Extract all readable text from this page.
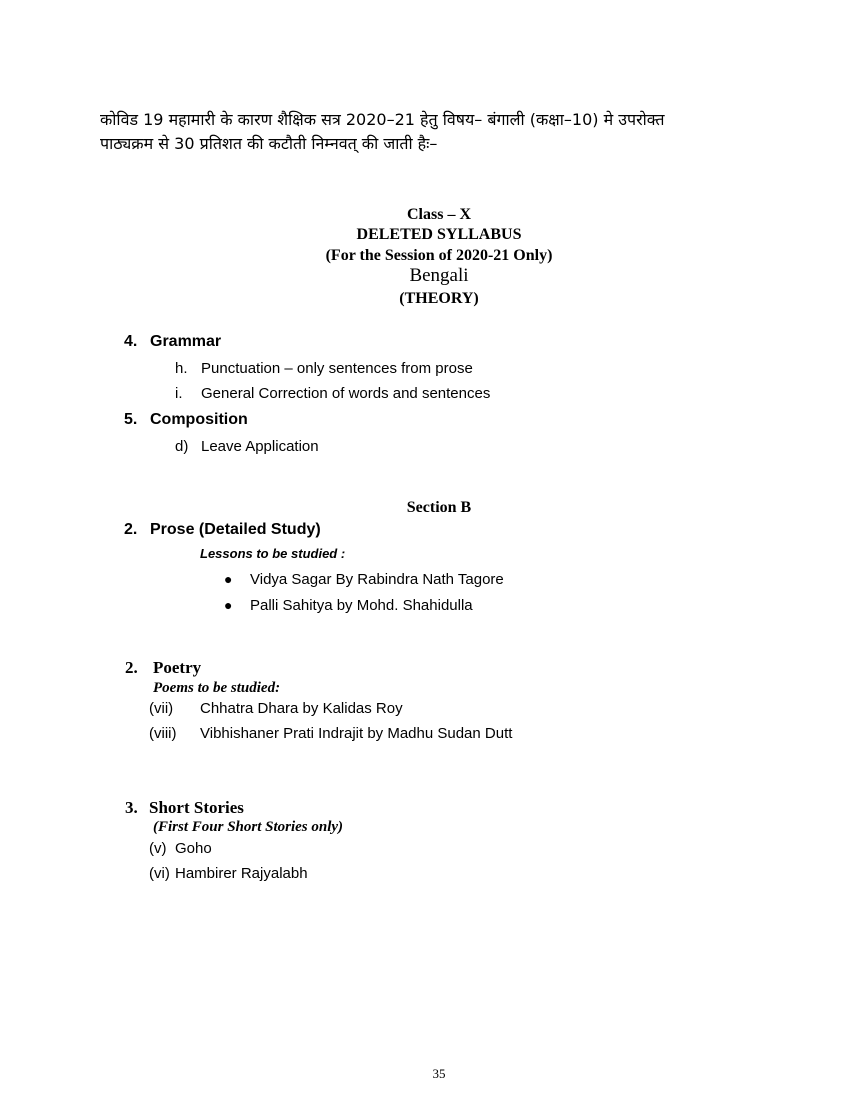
कोविड 19 महामारी के कारण शैक्षिक सत्र 2020–21 हेतु विषय– बंगाली (कक्षा–10) मे उपरोक्त
पाठ्यक्रम से 30 प्रतिशत की कटौती निम्नवत् की जाती हैः–
Class – X
DELETED SYLLABUS
(For the Session of 2020-21 Only)
Bengali
(THEORY)
4. Grammar
h. Punctuation – only sentences from prose
i. General Correction of words and sentences
5. Composition
d) Leave Application
Section B
2. Prose (Detailed Study)
Lessons to be studied :
● Vidya Sagar By Rabindra Nath Tagore
● Palli Sahitya by Mohd. Shahidulla
2. Poetry
Poems to be studied:
(vii) Chhatra Dhara by Kalidas Roy
(viii) Vibhishaner Prati Indrajit by Madhu Sudan Dutt
3. Short Stories
(First Four Short Stories only)
(v) Goho
(vi) Hambirer Rajyalabh
35
